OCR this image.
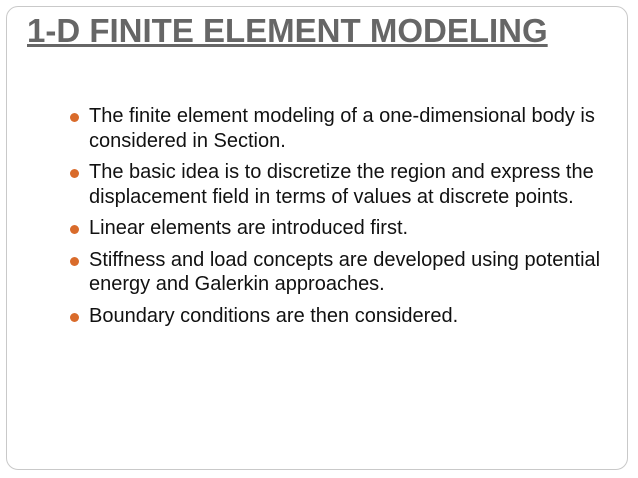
1-D FINITE ELEMENT MODELING
The finite element modeling of a one-dimensional body is considered in Section.
The basic idea is to discretize the region and express the displacement field in terms of values at discrete points.
Linear elements are introduced first.
Stiffness and load concepts are developed using potential energy and Galerkin approaches.
Boundary conditions are then considered.
